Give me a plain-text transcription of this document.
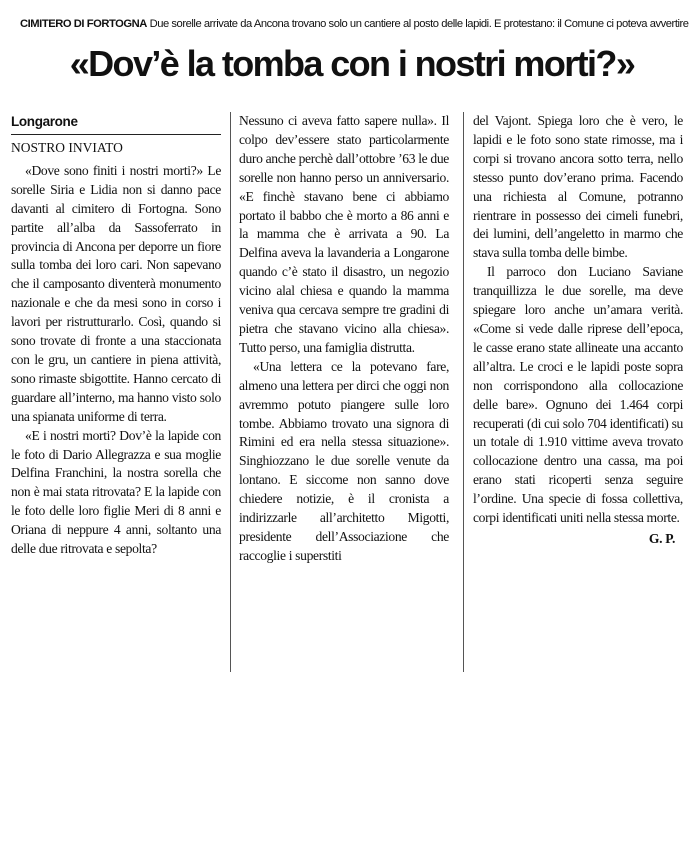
CIMITERO DI FORTOGNA Due sorelle arrivate da Ancona trovano solo un cantiere al posto delle lapidi. E protestano: il Comune ci poteva avvertire
«Dov’è la tomba con i nostri morti?»

Longarone

NOSTRO INVIATO

«Dove sono finiti i nostri morti?» Le sorelle Siria e Lidia non si danno pace davanti al cimitero di Fortogna. Sono partite all’alba da Sassoferrato in provincia di Ancona per deporre un fiore sulla tomba dei loro cari. Non sapevano che il camposanto diventerà monumento nazionale e che da mesi sono in corso i lavori per ristrutturarlo. Così, quando si sono trovate di fronte a una staccionata con le gru, un cantiere in piena attività, sono rimaste sbigottite. Hanno cercato di guardare all’interno, ma hanno visto solo una spianata uniforme di terra.

«E i nostri morti? Dov’è la lapide con le foto di Dario Allegrazza e sua moglie Delfina Franchini, la nostra sorella che non è mai stata ritrovata? E la lapide con le foto delle loro figlie Meri di 8 anni e Oriana di neppure 4 anni, soltanto una delle due ritrovata e sepolta?

Nessuno ci aveva fatto sapere nulla». Il colpo dev’essere stato particolarmente duro anche perchè dall’ottobre ’63 le due sorelle non hanno perso un anniversario. «E finchè stavano bene ci abbiamo portato il babbo che è morto a 86 anni e la mamma che è arrivata a 90. La Delfina aveva la lavanderia a Longarone quando c’è stato il disastro, un negozio vicino alal chiesa e quando la mamma veniva qua cercava sempre tre gradini di pietra che stavano vicino alla chiesa». Tutto perso, una famiglia distrutta.

«Una lettera ce la potevano fare, almeno una lettera per dirci che oggi non avremmo potuto piangere sulle loro tombe. Abbiamo trovato una signora di Rimini ed era nella stessa situazione». Singhiozzano le due sorelle venute da lontano. E siccome non sanno dove chiedere notizie, è il cronista a indirizzarle all’architetto Migotti, presidente dell’Associazione che raccoglie i superstiti

del Vajont. Spiega loro che è vero, le lapidi e le foto sono state rimosse, ma i corpi si trovano ancora sotto terra, nello stesso punto dov’erano prima. Facendo una richiesta al Comune, potranno rientrare in possesso dei cimeli funebri, dei lumini, dell’angeletto in marmo che stava sulla tomba delle bimbe.

Il parroco don Luciano Saviane tranquillizza le due sorelle, ma deve spiegare loro anche un’amara verità. «Come si vede dalle riprese dell’epoca, le casse erano state allineate una accanto all’altra. Le croci e le lapidi poste sopra non corrispondono alla collocazione delle bare». Ognuno dei 1.464 corpi recuperati (di cui solo 704 identificati) su un totale di 1.910 vittime aveva trovato collocazione dentro una cassa, ma poi erano stati ricoperti senza seguire l’ordine. Una specie di fossa collettiva, corpi identificati uniti nella stessa morte.

G. P.
